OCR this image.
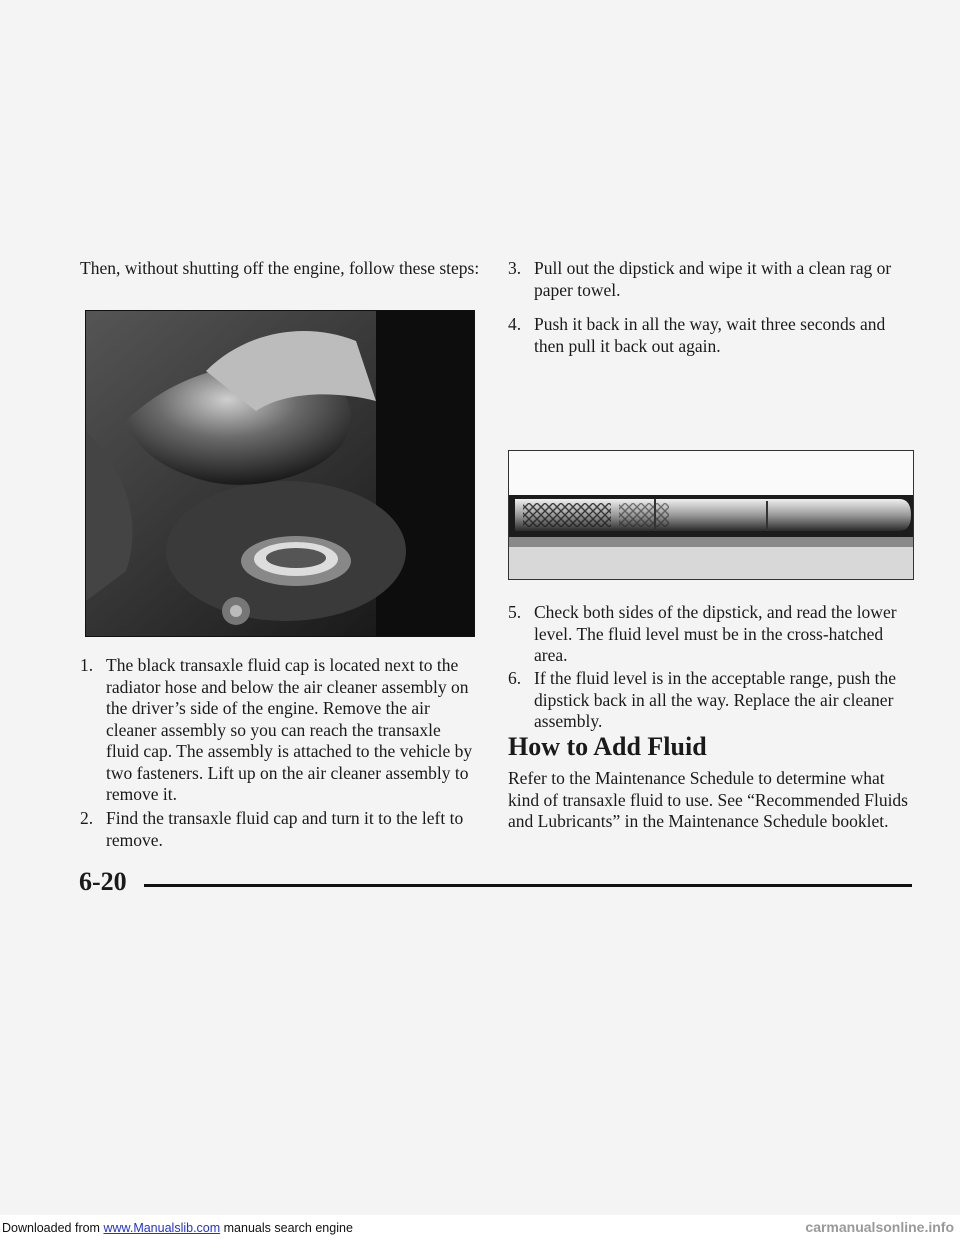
Then, without shutting off the engine, follow these steps:

1. The black transaxle fluid cap is located next to the radiator hose and below the air cleaner assembly on the driver’s side of the engine. Remove the air cleaner assembly so you can reach the transaxle fluid cap. The assembly is attached to the vehicle by two fasteners. Lift up on the air cleaner assembly to remove it.
2. Find the transaxle fluid cap and turn it to the left to remove.
3. Pull out the dipstick and wipe it with a clean rag or paper towel.
4. Push it back in all the way, wait three seconds and then pull it back out again.
5. Check both sides of the dipstick, and read the lower level. The fluid level must be in the cross-hatched area.
6. If the fluid level is in the acceptable range, push the dipstick back in all the way. Replace the air cleaner assembly.
How to Add Fluid

Refer to the Maintenance Schedule to determine what kind of transaxle fluid to use. See “Recommended Fluids and Lubricants” in the Maintenance Schedule booklet.

6-20
Downloaded from www.Manualslib.com manuals search engine	carmanualsonline.info
